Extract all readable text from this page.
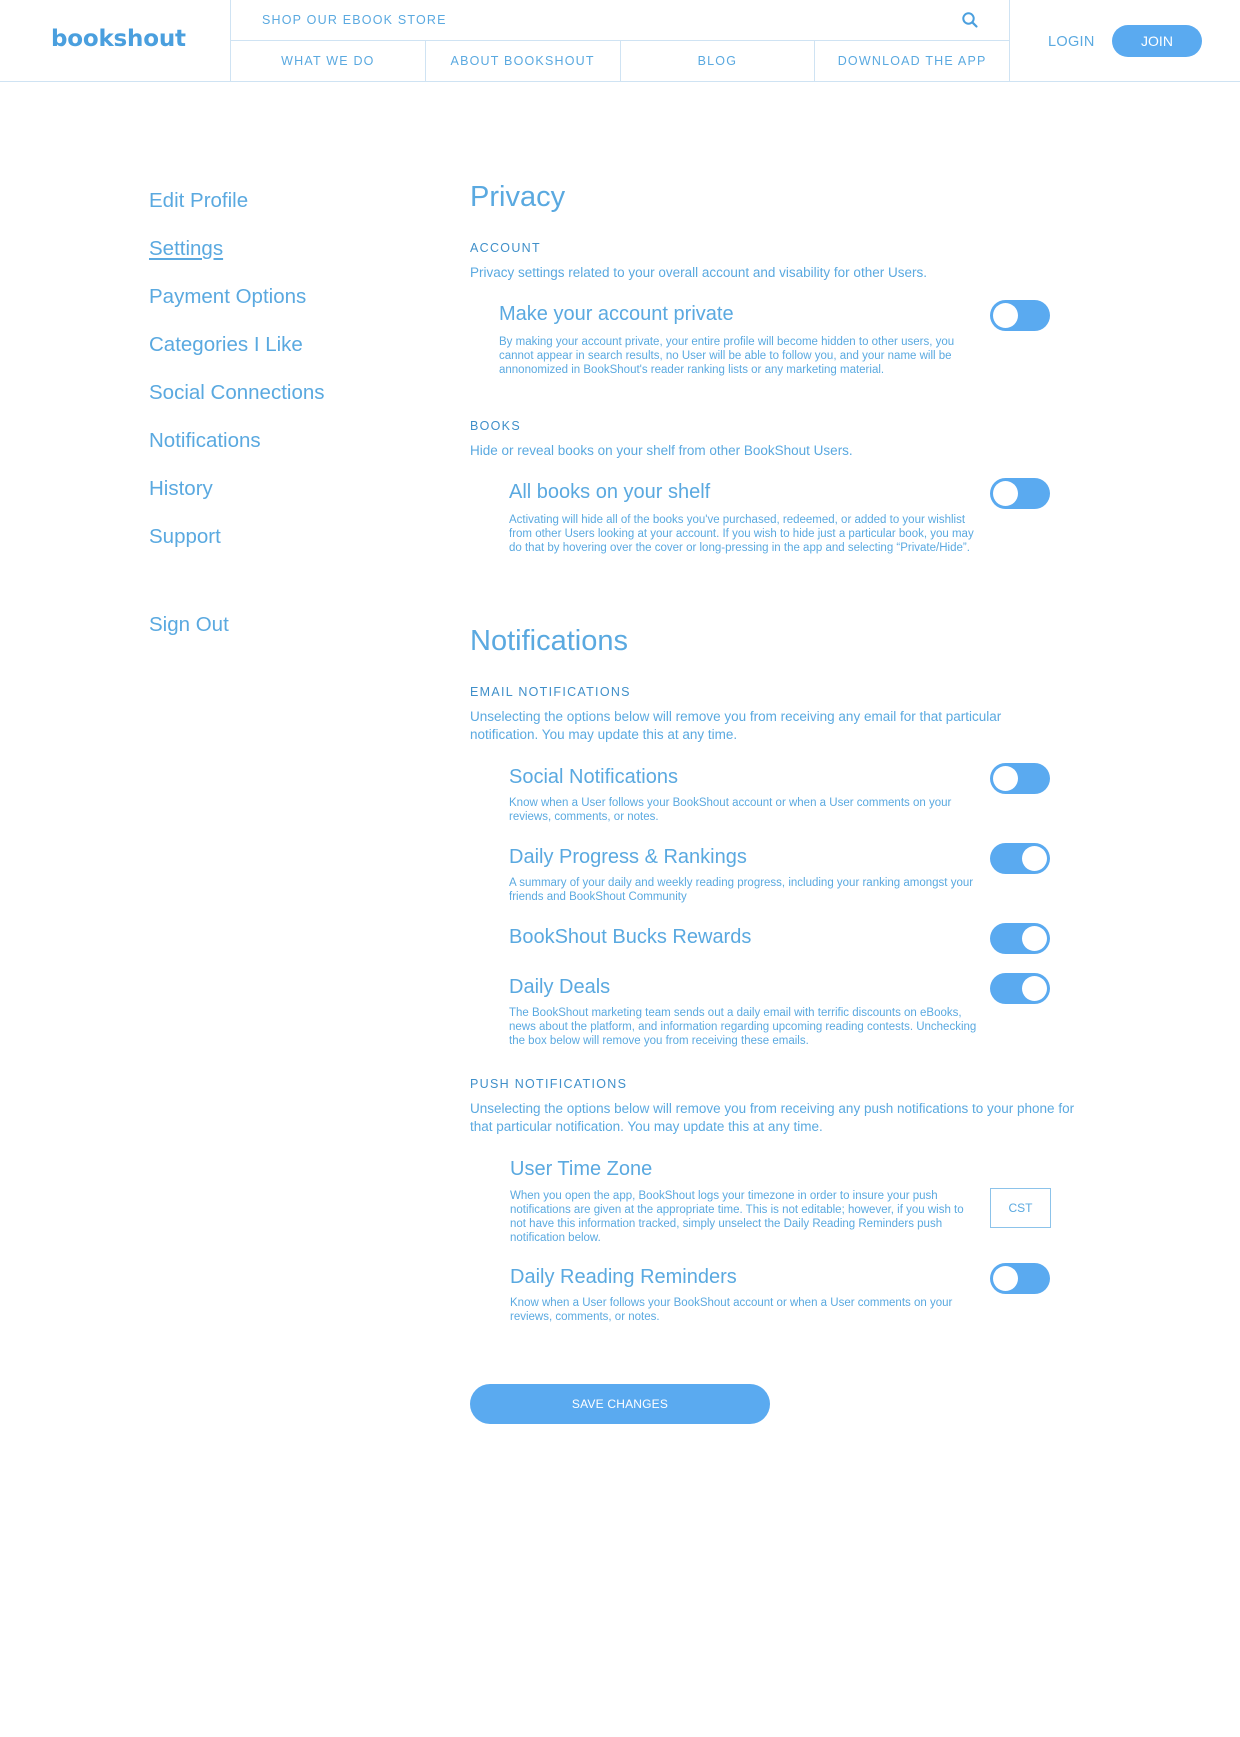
bookshout
SHOP OUR EBOOK STORE
WHAT WE DO	ABOUT BOOKSHOUT	BLOG	DOWNLOAD THE APP
LOGIN	JOIN
Edit Profile
Settings
Payment Options
Categories I Like
Social Connections
Notifications
History
Support
Sign Out
Privacy
ACCOUNT
Privacy settings related to your overall account and visability for other Users.
Make your account private
By making your account private, your entire profile will become hidden to other users, you cannot appear in search results, no User will be able to follow you, and your name will be annonomized in BookShout's reader ranking lists or any marketing material.
BOOKS
Hide or reveal books on your shelf from other BookShout Users.
All books on your shelf
Activating will hide all of the books you've purchased, redeemed, or added to your wishlist from other Users looking at your account. If you wish to hide just a particular book, you may do that by hovering over the cover or long-pressing in the app and selecting “Private/Hide”.
Notifications
EMAIL NOTIFICATIONS
Unselecting the options below will remove you from receiving any email for that particular notification. You may update this at any time.
Social Notifications
Know when a User follows your BookShout account or when a User comments on your reviews, comments, or notes.
Daily Progress & Rankings
A summary of your daily and weekly reading progress, including your ranking amongst your friends and BookShout Community
BookShout Bucks Rewards
Daily Deals
The BookShout marketing team sends out a daily email with terrific discounts on eBooks, news about the platform, and information regarding upcoming reading contests. Unchecking the box below will remove you from receiving these emails.
PUSH NOTIFICATIONS
Unselecting the options below will remove you from receiving any push notifications to your phone for that particular notification. You may update this at any time.
User Time Zone
When you open the app, BookShout logs your timezone in order to insure your push notifications are given at the appropriate time. This is not editable; however, if you wish to not have this information tracked, simply unselect the Daily Reading Reminders push notification below.
CST
Daily Reading Reminders
Know when a User follows your BookShout account or when a User comments on your reviews, comments, or notes.
SAVE CHANGES
